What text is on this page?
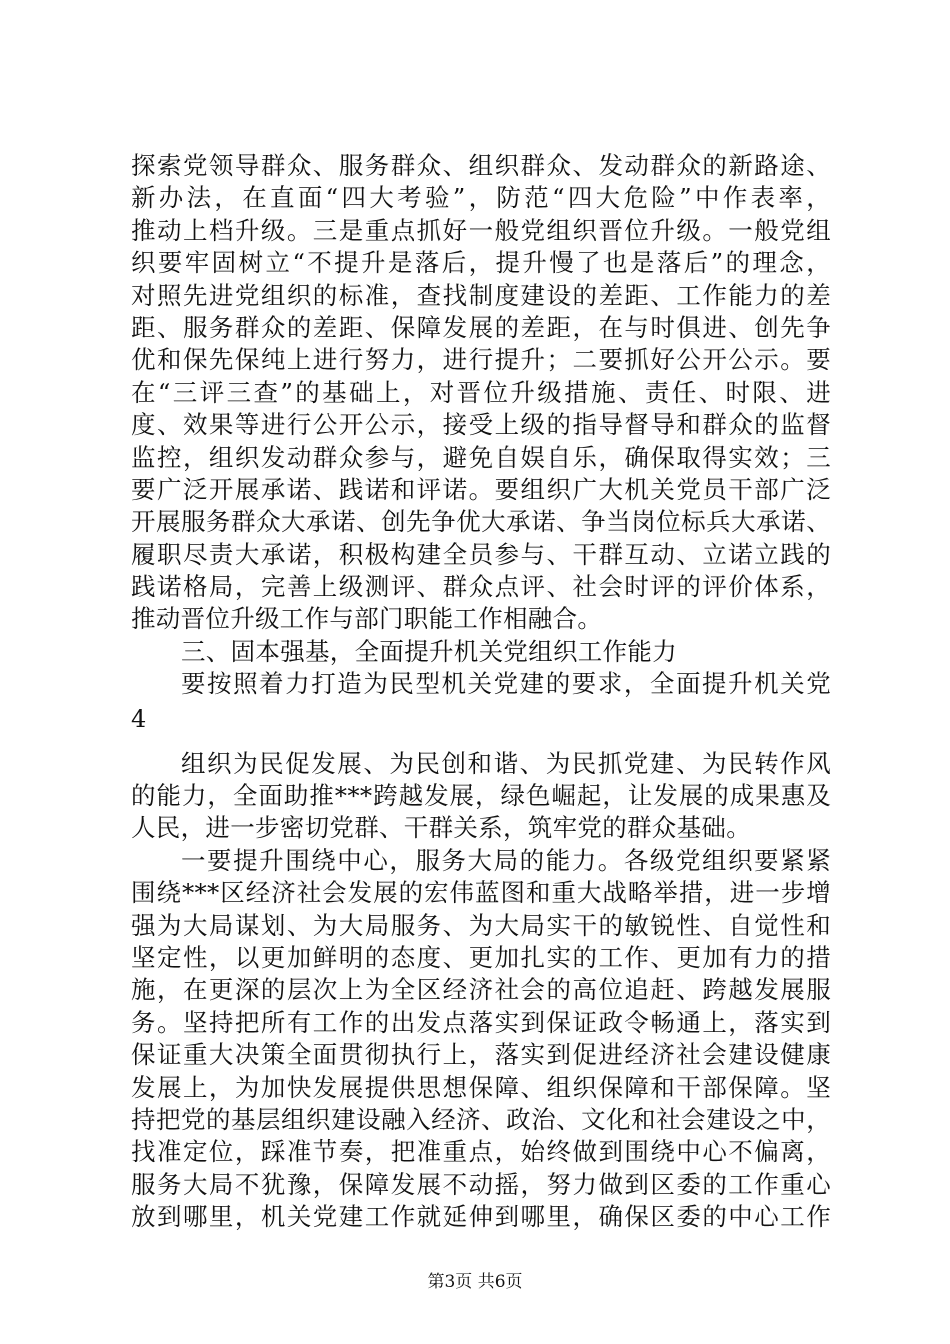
探索党领导群众、服务群众、组织群众、发动群众的新路途、
新办法，在直面“四大考验”，防范“四大危险”中作表率，
推动上档升级。三是重点抓好一般党组织晋位升级。一般党组
织要牢固树立“不提升是落后，提升慢了也是落后”的理念，
对照先进党组织的标准，查找制度建设的差距、工作能力的差
距、服务群众的差距、保障发展的差距，在与时俱进、创先争
优和保先保纯上进行努力，进行提升；二要抓好公开公示。要
在“三评三查”的基础上，对晋位升级措施、责任、时限、进
度、效果等进行公开公示，接受上级的指导督导和群众的监督
监控，组织发动群众参与，避免自娱自乐，确保取得实效；三
要广泛开展承诺、践诺和评诺。要组织广大机关党员干部广泛
开展服务群众大承诺、创先争优大承诺、争当岗位标兵大承诺、
履职尽责大承诺，积极构建全员参与、干群互动、立诺立践的
践诺格局，完善上级测评、群众点评、社会时评的评价体系，
推动晋位升级工作与部门职能工作相融合。
三、固本强基，全面提升机关党组织工作能力
要按照着力打造为民型机关党建的要求，全面提升机关党
4
组织为民促发展、为民创和谐、为民抓党建、为民转作风
的能力，全面助推***跨越发展，绿色崛起，让发展的成果惠及
人民，进一步密切党群、干群关系，筑牢党的群众基础。
一要提升围绕中心，服务大局的能力。各级党组织要紧紧
围绕***区经济社会发展的宏伟蓝图和重大战略举措，进一步增
强为大局谋划、为大局服务、为大局实干的敏锐性、自觉性和
坚定性，以更加鲜明的态度、更加扎实的工作、更加有力的措
施，在更深的层次上为全区经济社会的高位追赶、跨越发展服
务。坚持把所有工作的出发点落实到保证政令畅通上，落实到
保证重大决策全面贯彻执行上，落实到促进经济社会建设健康
发展上，为加快发展提供思想保障、组织保障和干部保障。坚
持把党的基层组织建设融入经济、政治、文化和社会建设之中，
找准定位，踩准节奏，把准重点，始终做到围绕中心不偏离，
服务大局不犹豫，保障发展不动摇，努力做到区委的工作重心
放到哪里，机关党建工作就延伸到哪里，确保区委的中心工作
第3页 共6页
